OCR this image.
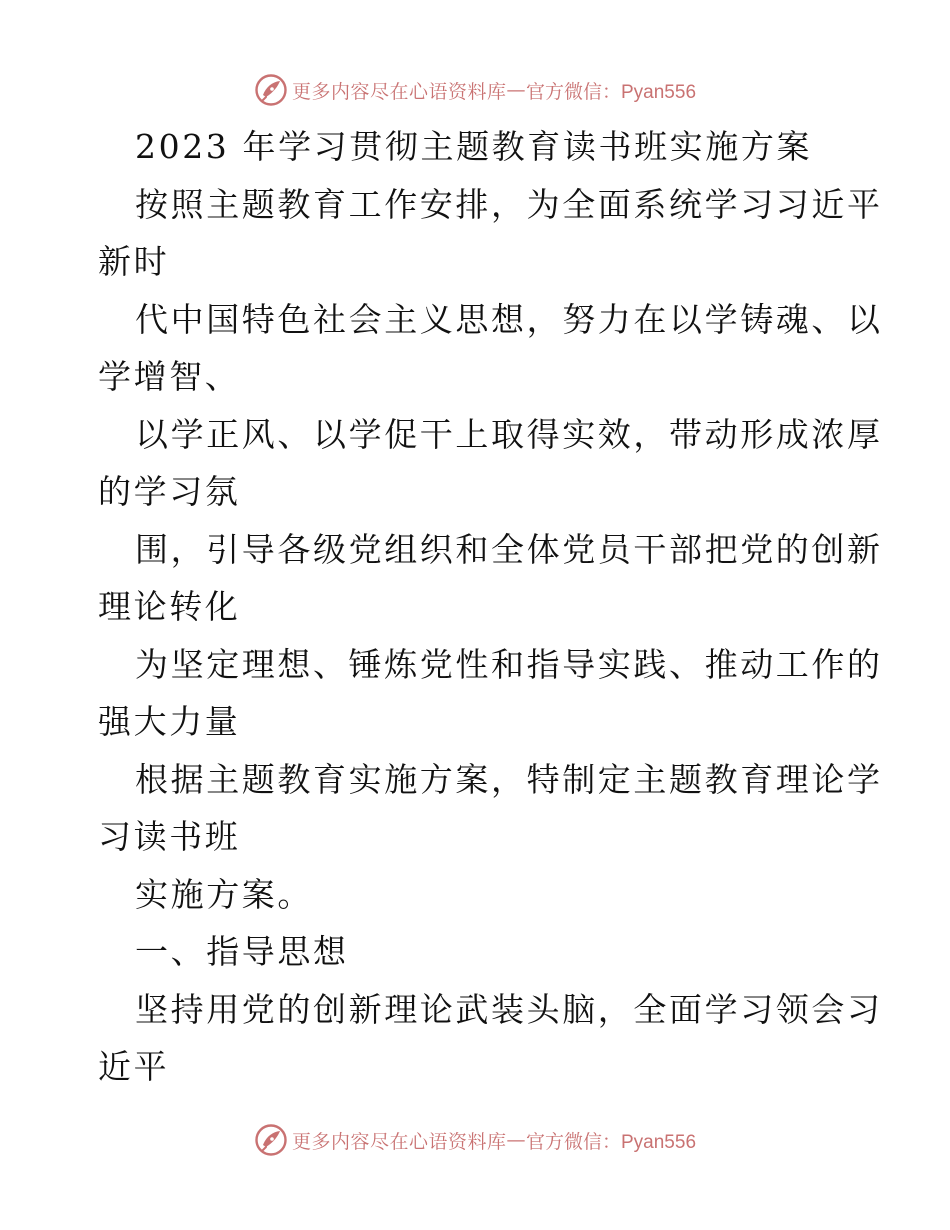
更多内容尽在心语资料库 — 官方微信：Pyan556
2023 年学习贯彻主题教育读书班实施方案
按照主题教育工作安排，为全面系统学习习近平
新时
代中国特色社会主义思想，努力在以学铸魂、以
学增智、
以学正风、以学促干上取得实效，带动形成浓厚
的学习氛
围，引导各级党组织和全体党员干部把党的创新
理论转化
为坚定理想、锤炼党性和指导实践、推动工作的
强大力量
根据主题教育实施方案，特制定主题教育理论学
习读书班
实施方案。
一、指导思想
坚持用党的创新理论武装头脑，全面学习领会习
近平
更多内容尽在心语资料库 — 官方微信：Pyan556
